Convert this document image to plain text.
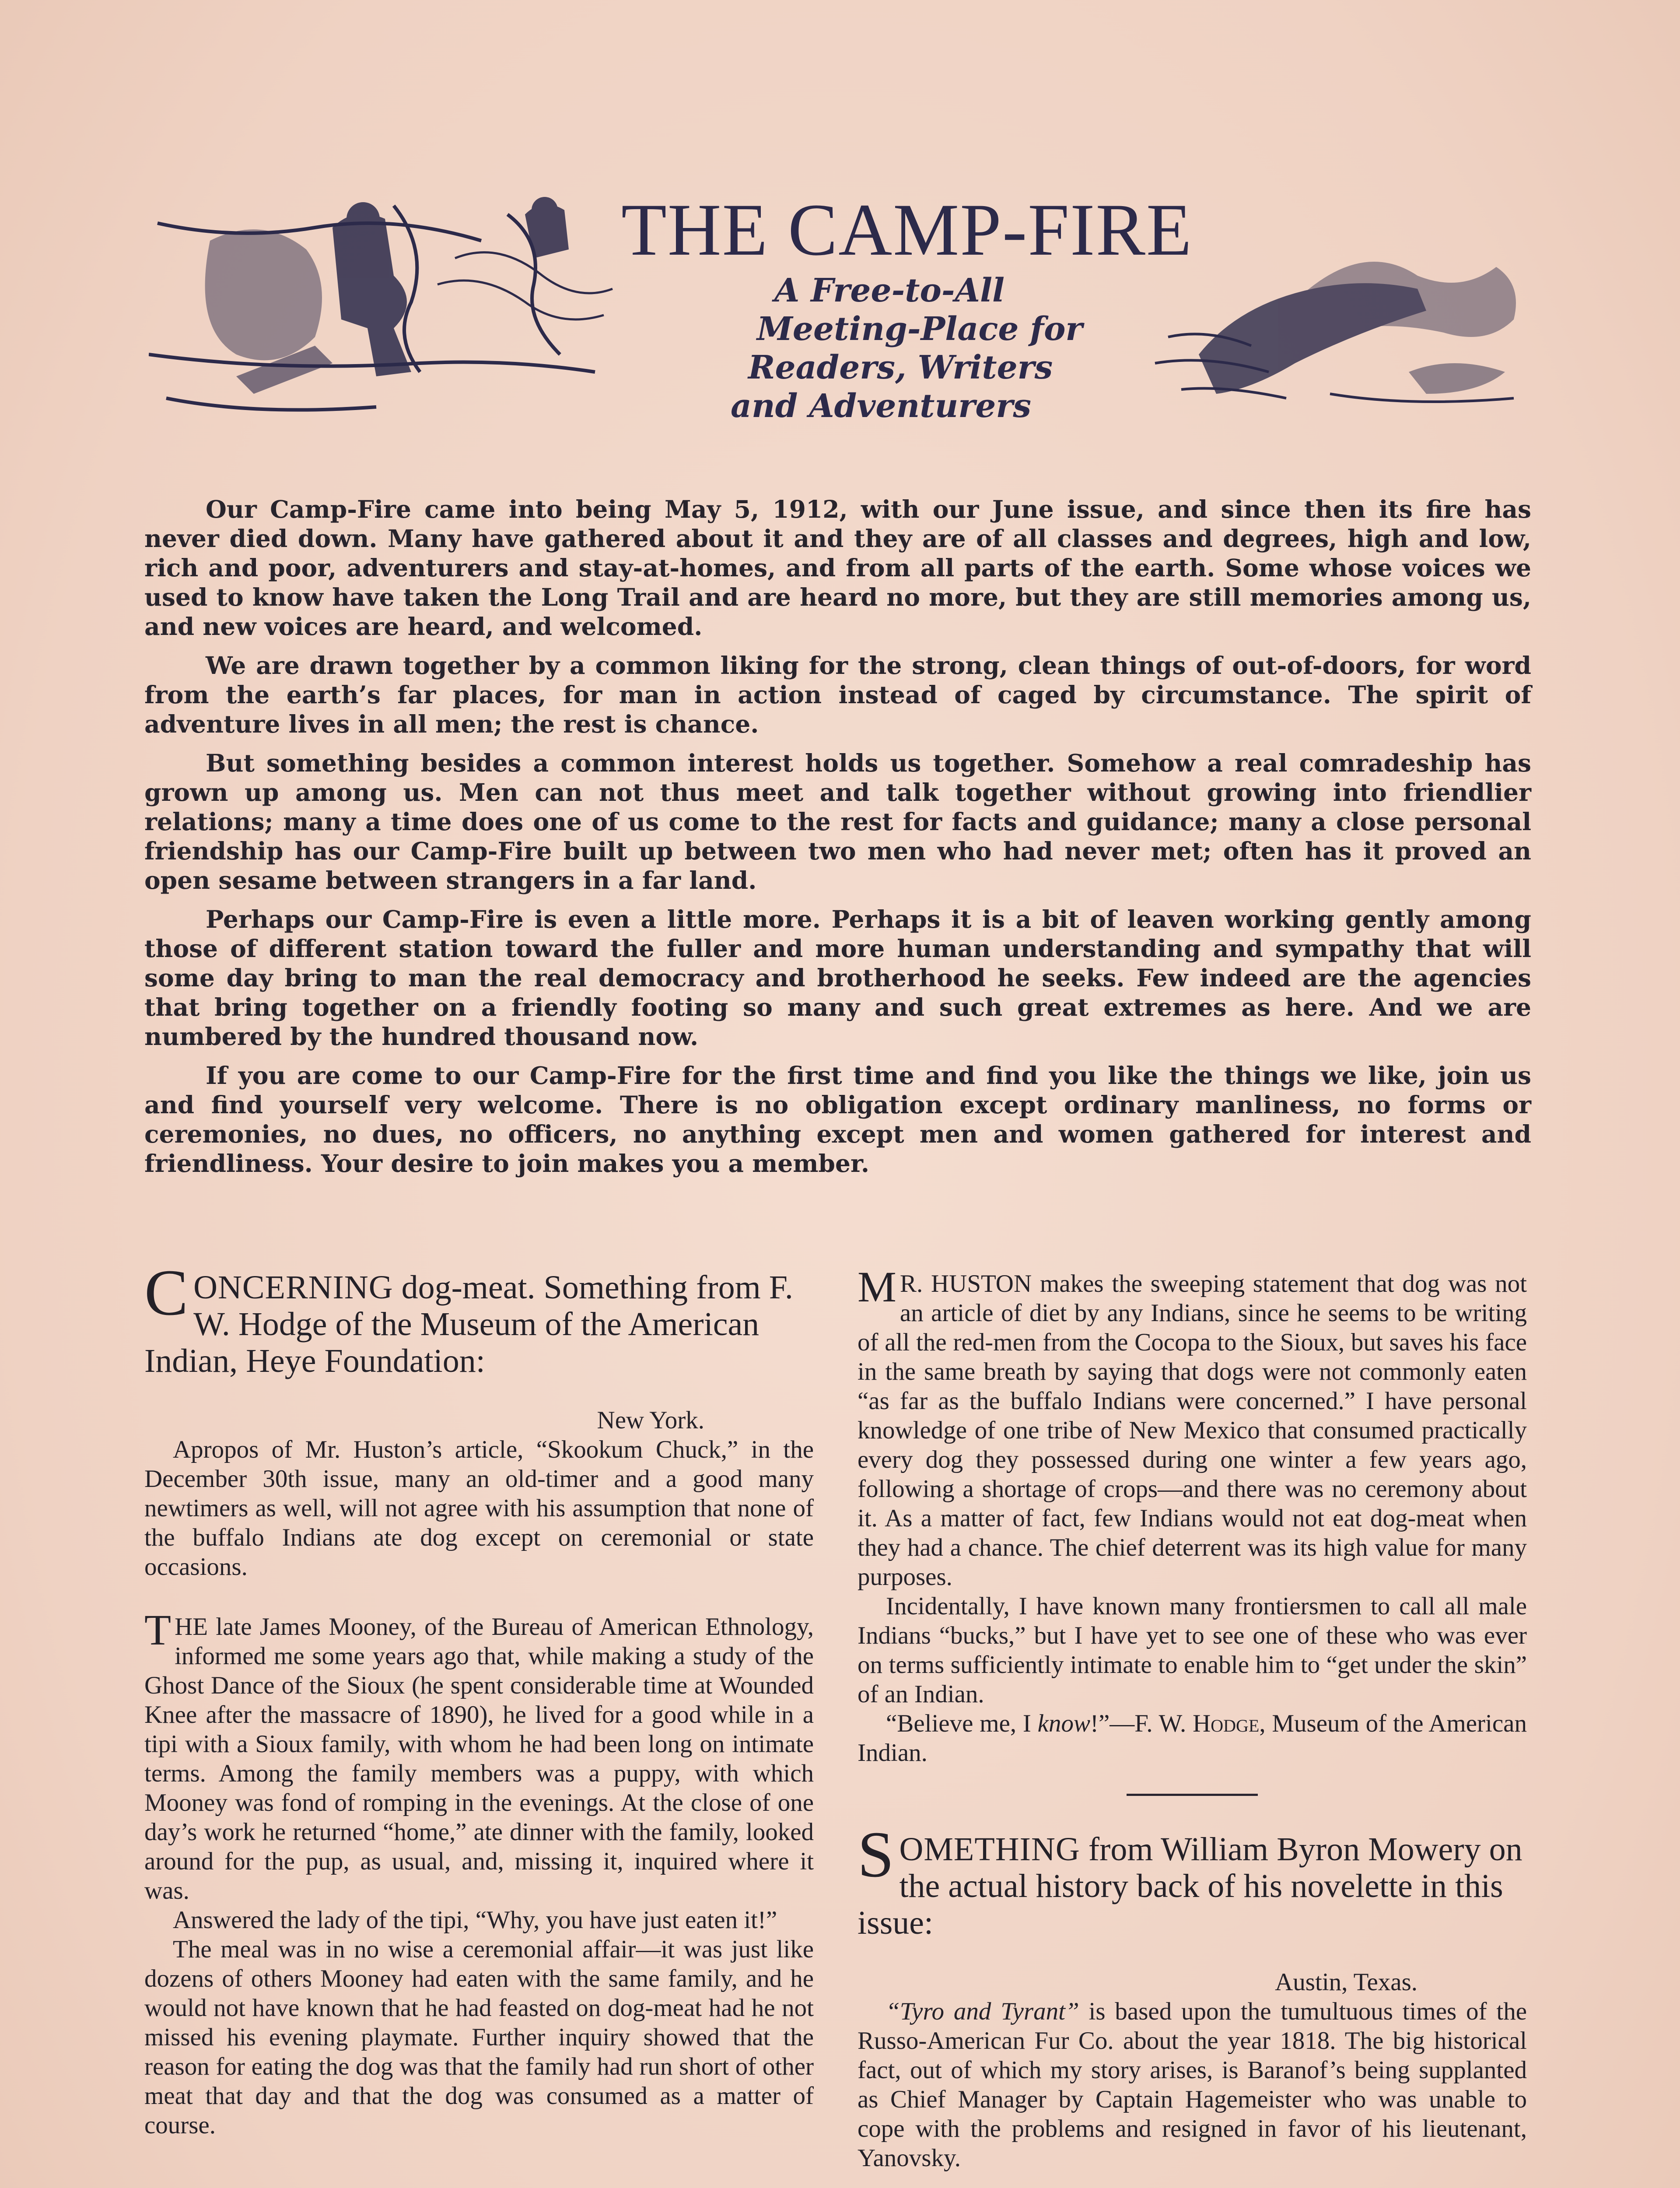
THE CAMP-FIRE
A Free-to-All
Meeting-Place for
Readers, Writers
and Adventurers

Our Camp-Fire came into being May 5, 1912, with our June issue, and since then its fire has never died down. Many have gathered about it and they are of all classes and degrees, high and low, rich and poor, adventurers and stay-at-homes, and from all parts of the earth. Some whose voices we used to know have taken the Long Trail and are heard no more, but they are still memories among us, and new voices are heard, and welcomed.

We are drawn together by a common liking for the strong, clean things of out-of-doors, for word from the earth’s far places, for man in action instead of caged by circumstance. The spirit of adventure lives in all men; the rest is chance.

But something besides a common interest holds us together. Somehow a real comradeship has grown up among us. Men can not thus meet and talk together without growing into friendlier relations; many a time does one of us come to the rest for facts and guidance; many a close personal friendship has our Camp-Fire built up between two men who had never met; often has it proved an open sesame between strangers in a far land.

Perhaps our Camp-Fire is even a little more. Perhaps it is a bit of leaven working gently among those of different station toward the fuller and more human understanding and sympathy that will some day bring to man the real democracy and brotherhood he seeks. Few indeed are the agencies that bring together on a friendly footing so many and such great extremes as here. And we are numbered by the hundred thousand now.

If you are come to our Camp-Fire for the first time and find you like the things we like, join us and find yourself very welcome. There is no obligation except ordinary manliness, no forms or ceremonies, no dues, no officers, no anything except men and women gathered for interest and friendliness. Your desire to join makes you a member.

CONCERNING dog-meat. Something from F. W. Hodge of the Museum of the American Indian, Heye Foundation:

New York.

Apropos of Mr. Huston’s article, “Skookum Chuck,” in the December 30th issue, many an old-timer and a good many newtimers as well, will not agree with his assumption that none of the buffalo Indians ate dog except on ceremonial or state occasions.

THE late James Mooney, of the Bureau of American Ethnology, informed me some years ago that, while making a study of the Ghost Dance of the Sioux (he spent considerable time at Wounded Knee after the massacre of 1890), he lived for a good while in a tipi with a Sioux family, with whom he had been long on intimate terms. Among the family members was a puppy, with which Mooney was fond of romping in the evenings. At the close of one day’s work he returned “home,” ate dinner with the family, looked around for the pup, as usual, and, missing it, inquired where it was.

Answered the lady of the tipi, “Why, you have just eaten it!”

The meal was in no wise a ceremonial affair—it was just like dozens of others Mooney had eaten with the same family, and he would not have known that he had feasted on dog-meat had he not missed his evening playmate. Further inquiry showed that the reason for eating the dog was that the family had run short of other meat that day and that the dog was consumed as a matter of course.

M R. HUSTON makes the sweeping statement that dog was not an article of diet by any Indians, since he seems to be writing of all the red-men from the Cocopa to the Sioux, but saves his face in the same breath by saying that dogs were not commonly eaten “as far as the buffalo Indians were concerned.” I have personal knowledge of one tribe of New Mexico that consumed practically every dog they possessed during one winter a few years ago, following a shortage of crops—and there was no ceremony about it. As a matter of fact, few Indians would not eat dog-meat when they had a chance. The chief deterrent was its high value for many purposes.

Incidentally, I have known many frontiersmen to call all male Indians “bucks,” but I have yet to see one of these who was ever on terms sufficiently intimate to enable him to “get under the skin” of an Indian.

“Believe me, I know!”—F. W. Hodge, Museum of the American Indian.

SOMETHING from William Byron Mowery on the actual history back of his novelette in this issue:

Austin, Texas.

“Tyro and Tyrant” is based upon the tumultuous times of the Russo-American Fur Co. about the year 1818. The big historical fact, out of which my story arises, is Baranof’s being supplanted as Chief Manager by Captain Hagemeister who was unable to cope with the problems and resigned in favor of his lieutenant, Yanovsky.
